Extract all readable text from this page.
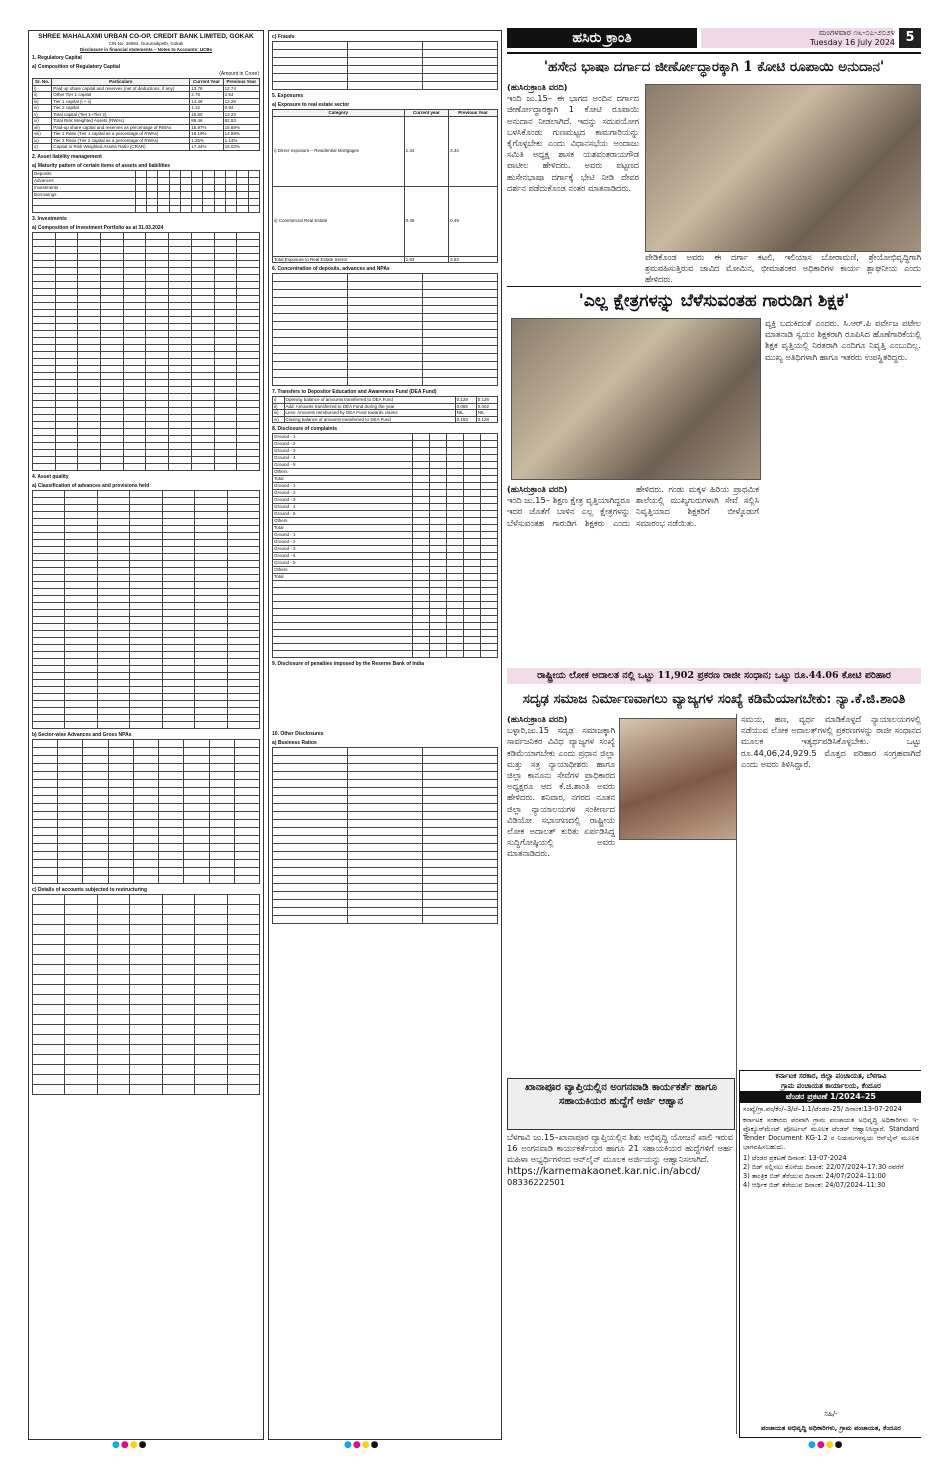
SHREE MAHALAXMI URBAN CO-OP. CREDIT BANK LIMITED, GOKAK
CIN No. 26984, Gurunaikpeth, Gokak
Disclosure in financial statements – Notes to Accounts: UCBs
1. Regulatory Capital
a) Composition of Regulatory Capital
(Amount in Crore)
Sr. No.	Particulars	Current Year	Previous Year
i)	Paid up share capital and reserves (net of deductions, if any)	13.78	12.74
ii)	Other Tier 1 capital	2.78	2.54
iii)	Tier 1 capital (i + ii)	14.48	12.29
iv)	Tier 2 capital	1.12	0.94
v)	Total capital (Tier 1+Tier 2)	15.60	13.23
vi)	Total Risk Weighted Assets (RWAs)	89.46	82.53
vii)	Paid-up share capital and reserves as percentage of RWAs	15.97%	15.69%
viii)	Tier 1 Ratio (Tier 1 capital as a percentage of RWAs)	16.19%	14.89%
ix)	Tier 2 Ratio (Tier 2 capital as a percentage of RWAs)	1.25%	1.14%
x)	Capital to Risk Weighted Assets Ratio (CRAR)	17.44%	16.03%
2. Asset liability management
a) Maturity pattern of certain items of assets and liabilities
Deposits											
Advances											
Investments											
Borrowings											

3. Investments
a) Composition of Investment Portfolio as at 31.03.2024

4. Asset quality
a) Classification of advances and provisions held

b) Sector-wise Advances and Gross NPAs

c) Details of accounts subjected to restructuring

c) Frauds

5. Exposures
a) Exposure to real estate sector
Category	Current year	Previous Year
i) Direct exposure – Residential Mortgages	1.34	3.34
ii) Commercial Real Estate	0.49	0.49
Total Exposure to Real Estate Sector	1.83	3.83
6. Concentration of deposits, advances and NPAs

7. Transfers to Depositor Education and Awareness Fund (DEA Fund)
i)	Opening balance of amounts transferred to DEA Fund	0.128	0.126
ii)	Add: Amounts transferred to DEA Fund during the year	0.065	0.002
iii)	Less: Amounts reimbursed by DEA Fund towards claims	NIL	NIL
iv)	Closing balance of amounts transferred to DEA Fund	0.193	0.128
8. Disclosure of complaints
Ground - 1					
Ground - 2					
Ground - 3					
Ground - 4					
Ground - 5					
Others					
Total					
Ground - 1					
Ground - 2					
Ground - 3					
Ground - 4					
Ground - 5					
Others					
Total					
Ground - 1					
Ground - 2					
Ground - 3					
Ground - 4					
Ground - 5					
Others					
Total					

9. Disclosure of penalties imposed by the Reserve Bank of India
10. Other Disclosures
a) Business Ratios

ಹಸಿರು ಕ್ರಾಂತಿ	ಮಂಗಳವಾರ ೧೬-೦೭-೨೦೨೪
Tuesday 16 July 2024 5
'ಹಸೇನ ಭಾಷಾ ದರ್ಗಾದ ಜೀರ್ಣೋದ್ಧಾರಕ್ಕಾಗಿ 1 ಕೋಟಿ ರೂಪಾಯಿ ಅನುದಾನ'
(ಹುಸಿರುಕ್ರಾಂತಿ ವರದಿ)
ಇಂದಿ ಜು.15– ಈ ಭಾಗದ ಅಂದಿನ ದರ್ಗಾದ ಜೀರ್ಣೋದ್ಧಾರಕ್ಕಾಗಿ 1 ಕೋಟಿ ರೂಪಾಯಿ ಅನುದಾನ ನೀಡಲಾಗಿದೆ. ಇದನ್ನು ಸದುಪಯೋಗ ಬಳಸಿಕೊಂಡು ಗುಣಮಟ್ಟದ ಕಾಮಗಾರಿಯನ್ನು ಕೈಗೊಳ್ಳಬೇಕು ಎಂದು ವಿಧಾನಸಭೆಯ ಅಂದಾಜು ಸಮಿತಿ ಅಧ್ಯಕ್ಷ ಶಾಸಕ ಯಶವಂತರಾಯಗೌಡ ಪಾಟೀಲ ಹೇಳಿದರು. ಅವರು ಪಟ್ಟಣದ ಹುಸೇನಭಾಷಾ ದರ್ಗಾಕ್ಕೆ ಭೇಟಿ ನೀಡಿ ದೇವರ ದರ್ಶನ ಪಡೆದುಕೊಂಡ ನಂತರ ಮಾತನಾಡಿದರು.
ಪೇಡಿಕೊಂಡ ಅವರು ಈ ದರ್ಗಾ ಕಟಲಿ, ಇಲಿಯಾಸ ಬೋರಾಮಣಿ, ಶ್ರೇಯೋಭಿವೃದ್ಧಿಗಾಗಿ ಶ್ರಮವಹಿಸುತ್ತಿರುವ ಜಾವಿದ ಮೋಮಿನ, ಭೀಮಾಶಂಕರ ಅಧಿಕಾರಿಗಳ ಕಾರ್ಯ ಶ್ಲಾಘನೀಯ ಎಂದು ಹೇಳಿದರು.
'ಎಲ್ಲ ಕ್ಷೇತ್ರಗಳನ್ನು ಬೆಳೆಸುವಂತಹ ಗಾರುಡಿಗ ಶಿಕ್ಷಕ'
ವ್ಯಕ್ತಿ ಬದುಕಿದಂತೆ ಎಂದರು. ಸಿ.ಆರ್.ಪಿ ಪರ್ವೇಜ ಪಟೇಲ ಮಾತನಾಡಿ ಸ್ವಯಂ ಶಿಕ್ಷಕರಾಗಿ ರೂಪಿಸಿದ ಹೊಣೆಗಾರಿಕೆಯಲ್ಲಿ ಶಿಕ್ಷಕ ವೃತ್ತಿಯಲ್ಲಿ ನಿರತರಾಗಿ ಎಂದಿಗೂ ನಿವೃತ್ತಿ ಎಂಬುದಿಲ್ಲ. ಮುಖ್ಯ ಅತಿಥಿಗಳಾಗಿ ಹಾಗೂ ಇತರರು ಉಪಸ್ಥಿತರಿದ್ದರು.
(ಹುಸಿರುಕ್ರಾಂತಿ ವರದಿ)
ಇಂದಿ ಜು.15– ಶಿಕ್ಷಣ ಕ್ಷೇತ್ರ ವೃತ್ತಿಯಾಗಿದ್ದರೂ ಇದರ ಜೊತೆಗೆ ಬಾಳಿನ ಎಲ್ಲ ಕ್ಷೇತ್ರಗಳನ್ನು ಬೆಳೆಸುವಂತಹ ಗಾರುಡಿಗ ಶಿಕ್ಷಕರು ಎಂದು ಹೇಳಿದರು. ಗಂಡು ಮಕ್ಕಳ ಹಿರಿಯ ಪ್ರಾಥಮಿಕ ಶಾಲೆಯಲ್ಲಿ ಮುಖ್ಯಗುರುಗಳಾಗಿ ಸೇವೆ ಸಲ್ಲಿಸಿ ನಿವೃತ್ತಿಯಾದ ಶಿಕ್ಷಕರಿಗೆ ಬೀಳ್ಕೊಡುಗೆ ಸಮಾರಂಭ ನಡೆಯಿತು.
ರಾಷ್ಟ್ರೀಯ ಲೋಕ ಅದಾಲತ ನಲ್ಲಿ ಒಟ್ಟು 11,902 ಪ್ರಕರಣ ರಾಜೀ ಸಂಧಾನ; ಒಟ್ಟು ರೂ.44.06 ಕೋಟಿ ಪರಿಹಾರ
ಸದೃಢ ಸಮಾಜ ನಿರ್ಮಾಣವಾಗಲು ವ್ಯಾಜ್ಯಗಳ ಸಂಖ್ಯೆ ಕಡಿಮೆಯಾಗಬೇಕು: ನ್ಯಾ.ಕೆ.ಜಿ.ಶಾಂತಿ
(ಹುಸಿರುಕ್ರಾಂತಿ ವರದಿ)
ಬಳ್ಳಾರಿ,ಜು.15 ಸದೃಢ ಸಮಾಜಕ್ಕಾಗಿ ಸಾರ್ವಜನಿಕರ ವಿವಿಧ ವ್ಯಾಜ್ಯಗಳ ಸಂಖ್ಯೆ ಕಡಿಮೆಯಾಗಬೇಕು ಎಂದು ಪ್ರಧಾನ ಜಿಲ್ಲಾ ಮತ್ತು ಸತ್ರ ನ್ಯಾಯಾಧೀಶರು ಹಾಗೂ ಜಿಲ್ಲಾ ಕಾನೂನು ಸೇವೆಗಳ ಪ್ರಾಧಿಕಾರದ ಅಧ್ಯಕ್ಷರೂ ಆದ ಕೆ.ಜಿ.ಶಾಂತಿ ಅವರು ಹೇಳಿದರು. ಶನಿವಾರ, ನಗರದ ನೂತನ ಜಿಲ್ಲಾ ನ್ಯಾಯಾಲಯಗಳ ಸಂಕೀರ್ಣದ ವಿಡಿಯೋ ಸಭಾಂಗಣದಲ್ಲಿ ರಾಷ್ಟ್ರೀಯ ಲೋಕ ಅದಾಲತ್ ಕುರಿತು ಏರ್ಪಡಿಸಿದ್ದ ಸುದ್ದಿಗೋಷ್ಠಿಯಲ್ಲಿ ಅವರು ಮಾತನಾಡಿದರು.
ಸಮಯ, ಹಣ, ವ್ಯರ್ಥ ಮಾಡಿಕೊಳ್ಳದೆ ನ್ಯಾಯಾಲಯಗಳಲ್ಲಿ ನಡೆಯುವ ಲೋಕ ಅದಾಲತ್‌ಗಳಲ್ಲಿ ಪ್ರಕರಣಗಳನ್ನು ರಾಜೀ ಸಂಧಾನದ ಮೂಲಕ ಇತ್ಯರ್ಥಪಡಿಸಿಕೊಳ್ಳಬೇಕು. ಒಟ್ಟು ರೂ.44,06,24,929.5 ಮೊತ್ತದ ಪರಿಹಾರ ಸಂಗ್ರಹವಾಗಿದೆ ಎಂದು ಅವರು ತಿಳಿಸಿದ್ದಾರೆ.
ಖಾನಾಪೂರ ವ್ಯಾಪ್ತಿಯಲ್ಲಿನ ಅಂಗನವಾಡಿ ಕಾರ್ಯಕರ್ತೆ ಹಾಗೂ ಸಹಾಯಕಿಯರ ಹುದ್ದೆಗೆ ಅರ್ಜಿ ಆಹ್ವಾನ
ಬೆಳಗಾವಿ ಜು.15–ಖಾನಾಪೂರ ವ್ಯಾಪ್ತಿಯಲ್ಲಿನ ಶಿಶು ಅಭಿವೃದ್ಧಿ ಯೋಜನೆ ಖಾಲಿ ಇರುವ 16 ಅಂಗನವಾಡಿ ಕಾರ್ಯಕರ್ತೆಯರ ಹಾಗೂ 21 ಸಹಾಯಕಿಯರ ಹುದ್ದೆಗಳಿಗೆ ಅರ್ಹ ಮಹಿಳಾ ಅಭ್ಯರ್ಥಿಗಳಿಂದ ಆನ್‌ಲೈನ್ ಮೂಲಕ ಅರ್ಜಿಯನ್ನು ಆಹ್ವಾನಿಸಲಾಗಿದೆ.
https://karnemakaonet.kar.nic.in/abcd/
08336222501
ಕರ್ನಾಟಕ ಸರಕಾರ, ಜಿಲ್ಲಾ ಪಂಚಾಯತ, ಬೆಳಗಾವಿ
ಗ್ರಾಮ ಪಂಚಾಯತ ಕಾರ್ಯಾಲಯ, ಕೆಂದೂರ
ಟೆಂಡರ ಪ್ರಕಟಣೆ 1/2024–25
ಸಂಖ್ಯೆ/ಗ್ರಾ.ಪಂ/ಕೆಂ/–3/ಟೆ–1.1/ಟೆಂಡರ–25/ ದಿನಾಂಕ:13-07-2024
ಕರ್ನಾಟಕ ಸರಕಾರದ ಪರವಾಗಿ ಗ್ರಾಮ ಪಂಚಾಯತ ಅಭಿವೃದ್ಧಿ ಅಧಿಕಾರಿಗಳು ಇ-ಪ್ರೊಕ್ಯೂರ್‌ಮೆಂಟ್ ಪೋರ್ಟಲ್ ಮೂಲಕ ಟೆಂಡರ್ ಆಹ್ವಾನಿಸಿದ್ದಾರೆ. Standard Tender Document KG-1.2 ರ ನಿಯಮಗಳನ್ವಯ ಆನ್‌ಲೈನ್ ಮೂಲಕ ಭಾಗವಹಿಸಬಹುದು.
1) ಟೆಂಡರ ಪ್ರಕಟಣೆ ದಿನಾಂಕ: 13-07-2024
2) ಬಿಡ್ ಸಲ್ಲಿಸಲು ಕೊನೆಯ ದಿನಾಂಕ: 22/07/2024–17:30 ರವರೆಗೆ
3) ತಾಂತ್ರಿಕ ಬಿಡ್ ತೆರೆಯುವ ದಿನಾಂಕ: 24/07/2024–11:00
4) ಆರ್ಥಿಕ ಬಿಡ್ ತೆರೆಯುವ ದಿನಾಂಕ: 24/07/2024–11:30
ಸಹಿ/-
ಪಂಚಾಯತ ಅಭಿವೃದ್ಧಿ ಅಧಿಕಾರಿಗಳು, ಗ್ರಾಮ ಪಂಚಾಯತ, ಕೆಂದೂರ
●●●●	●●●●	●●●●
